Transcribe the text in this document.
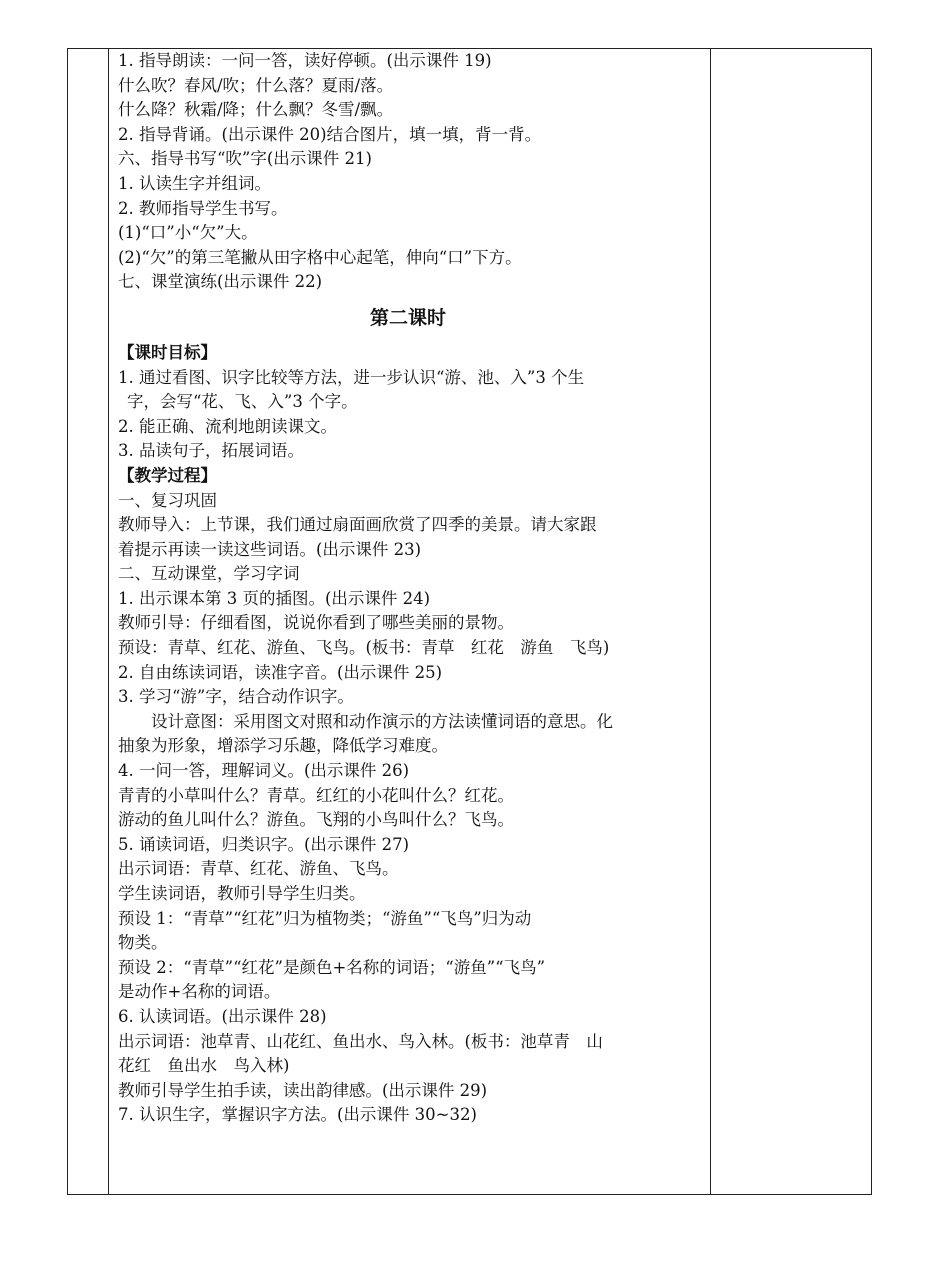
1. 指导朗读：一问一答，读好停顿。(出示课件 19)
什么吹？春风/吹；什么落？夏雨/落。
什么降？秋霜/降；什么飘？冬雪/飘。
2. 指导背诵。(出示课件 20)结合图片，填一填，背一背。
六、指导书写“吹”字(出示课件 21)
1. 认读生字并组词。
2. 教师指导学生书写。
(1)“口”小“欠”大。
(2)“欠”的第三笔撇从田字格中心起笔，伸向“口”下方。
七、课堂演练(出示课件 22)
第二课时
【课时目标】
1. 通过看图、识字比较等方法，进一步认识“游、池、入”3 个生
字，会写“花、飞、入”3 个字。
2. 能正确、流利地朗读课文。
3. 品读句子，拓展词语。
【教学过程】
一、复习巩固
教师导入：上节课，我们通过扇面画欣赏了四季的美景。请大家跟
着提示再读一读这些词语。(出示课件 23)
二、互动课堂，学习字词
1. 出示课本第 3 页的插图。(出示课件 24)
教师引导：仔细看图，说说你看到了哪些美丽的景物。
预设：青草、红花、游鱼、飞鸟。(板书：青草　红花　游鱼　飞鸟)
2. 自由练读词语，读准字音。(出示课件 25)
3. 学习“游”字，结合动作识字。
设计意图：采用图文对照和动作演示的方法读懂词语的意思。化
抽象为形象，增添学习乐趣，降低学习难度。
4. 一问一答，理解词义。(出示课件 26)
青青的小草叫什么？青草。红红的小花叫什么？红花。
游动的鱼儿叫什么？游鱼。飞翔的小鸟叫什么？飞鸟。
5. 诵读词语，归类识字。(出示课件 27)
出示词语：青草、红花、游鱼、飞鸟。
学生读词语，教师引导学生归类。
预设 1：“青草”“红花”归为植物类；“游鱼”“飞鸟”归为动
物类。
预设 2：“青草”“红花”是颜色+名称的词语；“游鱼”“飞鸟”
是动作+名称的词语。
6. 认读词语。(出示课件 28)
出示词语：池草青、山花红、鱼出水、鸟入林。(板书：池草青　山
花红　鱼出水　鸟入林)
教师引导学生拍手读，读出韵律感。(出示课件 29)
7. 认识生字，掌握识字方法。(出示课件 30~32)
